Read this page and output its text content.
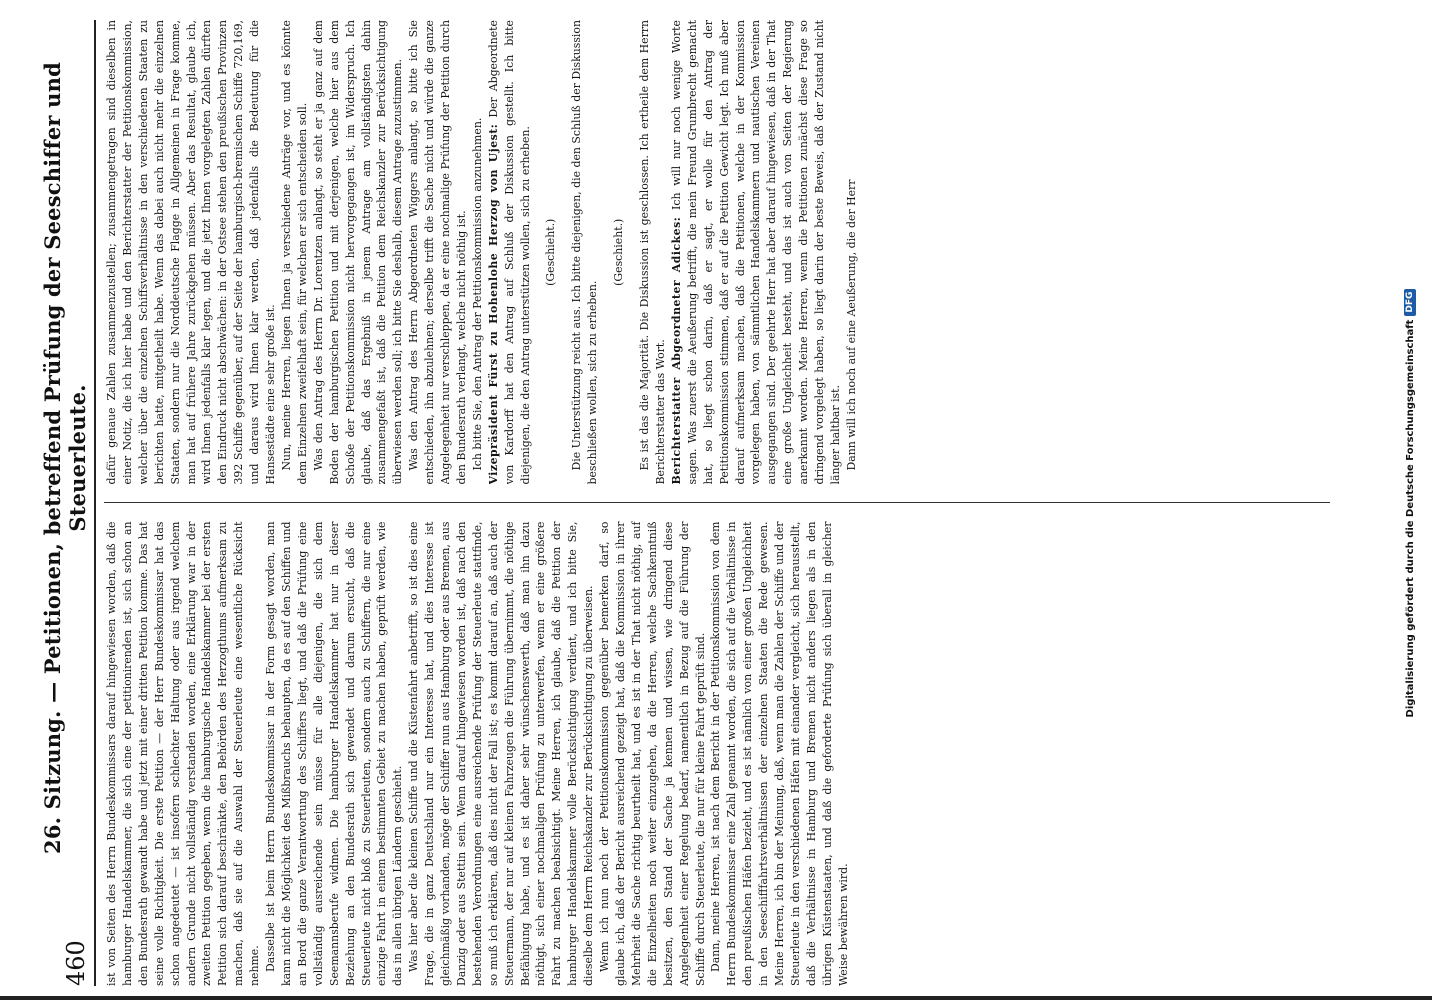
460
26. Sitzung. — Petitionen, betreffend Prüfung der Seeschiffer und Steuerleute.

ist von Seiten des Herrn Bundeskommissars darauf hingewiesen worden, daß die hamburger Handelskammer, die sich eine der petitionirenden ist, sich schon an den Bundesrath gewandt habe und jetzt mit einer dritten Petition komme. Das hat seine volle Richtigkeit. Die erste Petition — der Herr Bundeskommissar hat das schon angedeutet — ist insofern schlechter Haltung oder aus irgend welchem andern Grunde nicht vollständig verstanden worden, eine Erklärung war in der zweiten Petition gegeben, wenn die hamburgische Handelskammer bei der ersten Petition sich darauf beschränkte, den Behörden des Herzogthums aufmerksam zu machen, daß sie auf die Auswahl der Steuerleute eine wesentliche Rücksicht nehme. Dasselbe ist beim Herrn Bundeskommissar in der Form gesagt worden, man kann nicht die Möglichkeit des Mißbrauchs behaupten, da es auf den Schiffen und an Bord die ganze Verantwortung des Schiffers liegt, und daß die Prüfung eine vollständig ausreichende sein müsse für alle diejenigen, die sich dem Seemannsberufe widmen. Die hamburger Handelskammer hat nur in dieser Beziehung an den Bundesrath sich gewendet und darum ersucht, daß die Steuerleute nicht bloß zu Steuerleuten, sondern auch zu Schiffern, die nur eine einzige Fahrt in einem bestimmten Gebiet zu machen haben, geprüft werden, wie das in allen übrigen Ländern geschieht. Was hier aber die kleinen Schiffe und die Küstenfahrt anbetrifft, so ist dies eine Frage, die in ganz Deutschland nur ein Interesse hat, und dies Interesse ist gleichmäßig vorhanden, möge der Schiffer nun aus Hamburg oder aus Bremen, aus Danzig oder aus Stettin sein. Wenn darauf hingewiesen worden ist, daß nach den bestehenden Verordnungen eine ausreichende Prüfung der Steuerleute stattfinde, so muß ich erklären, daß dies nicht der Fall ist; es kommt darauf an, daß auch der Steuermann, der nur auf kleinen Fahrzeugen die Führung übernimmt, die nöthige Befähigung habe, und es ist daher sehr wünschenswerth, daß man ihn dazu nöthigt, sich einer nochmaligen Prüfung zu unterwerfen, wenn er eine größere Fahrt zu machen beabsichtigt. Meine Herren, ich glaube, daß die Petition der hamburger Handelskammer volle Berücksichtigung verdient, und ich bitte Sie, dieselbe dem Herrn Reichskanzler zur Berücksichtigung zu überweisen. Wenn ich nun noch der Petitionskommission gegenüber bemerken darf, so glaube ich, daß der Bericht ausreichend gezeigt hat, daß die Kommission in ihrer Mehrheit die Sache richtig beurtheilt hat, und es ist in der That nicht nöthig, auf die Einzelheiten noch weiter einzugehen, da die Herren, welche Sachkenntniß besitzen, den Stand der Sache ja kennen und wissen, wie dringend diese Angelegenheit einer Regelung bedarf, namentlich in Bezug auf die Führung der Schiffe durch Steuerleute, die nur für kleine Fahrt geprüft sind. Dann, meine Herren, ist nach dem Bericht in der Petitionskommission von dem Herrn Bundeskommissar eine Zahl genannt worden, die sich auf die Verhältnisse in den preußischen Häfen bezieht, und es ist nämlich von einer großen Ungleichheit in den Seeschifffahrtsverhältnissen der einzelnen Staaten die Rede gewesen. Meine Herren, ich bin der Meinung, daß, wenn man die Zahlen der Schiffe und der Steuerleute in den verschiedenen Häfen mit einander vergleicht, sich herausstellt, daß die Verhältnisse in Hamburg und Bremen nicht anders liegen als in den übrigen Küstenstaaten, und daß die geforderte Prüfung sich überall in gleicher Weise bewähren wird.

dafür genaue Zahlen zusammenzustellen; zusammengetragen sind dieselben in einer Notiz, die ich hier habe und den Berichterstatter der Petitionskommission, welcher über die einzelnen Schiffsverhältnisse in den verschiedenen Staaten zu berichten hatte, mitgetheilt habe. Wenn das dabei auch nicht mehr die einzelnen Staaten, sondern nur die Norddeutsche Flagge in Allgemeinen in Frage komme, man hat auf frühere Jahre zurückgehen müssen. Aber das Resultat, glaube ich, wird Ihnen jedenfalls klar legen, und die jetzt Ihnen vorgelegten Zahlen dürften den Eindruck nicht abschwächen: in der Ostsee stehen den preußischen Provinzen 392 Schiffe gegenüber, auf der Seite der hamburgisch-bremischen Schiffe 720,169, und daraus wird Ihnen klar werden, daß jedenfalls die Bedeutung für die Hansestädte eine sehr große ist. Nun, meine Herren, liegen Ihnen ja verschiedene Anträge vor, und es könnte dem Einzelnen zweifelhaft sein, für welchen er sich entscheiden soll. Was den Antrag des Herrn Dr. Lorentzen anlangt, so steht er ja ganz auf dem Boden der hamburgischen Petition und mit derjenigen, welche hier aus dem Schoße der Petitionskommission nicht hervorgegangen ist, im Widerspruch. Ich glaube, daß das Ergebniß in jenem Antrage am vollständigsten dahin zusammengefaßt ist, daß die Petition dem Reichskanzler zur Berücksichtigung überwiesen werden soll; ich bitte Sie deshalb, diesem Antrage zuzustimmen. Was den Antrag des Herrn Abgeordneten Wiggers anlangt, so bitte ich Sie entschieden, ihn abzulehnen; derselbe trifft die Sache nicht und würde die ganze Angelegenheit nur verschleppen, da er eine nochmalige Prüfung der Petition durch den Bundesrath verlangt, welche nicht nöthig ist. Ich bitte Sie, den Antrag der Petitionskommission anzunehmen. Vizepräsident Fürst zu Hohenlohe Herzog von Ujest: Der Abgeordnete von Kardorff hat den Antrag auf Schluß der Diskussion gestellt. Ich bitte diejenigen, die den Antrag unterstützen wollen, sich zu erheben. (Geschieht.) Die Unterstützung reicht aus. Ich bitte diejenigen, die den Schluß der Diskussion beschließen wollen, sich zu erheben.

(Geschieht.) Es ist das die Majorität. Die Diskussion ist geschlossen. Ich ertheile dem Herrn Berichterstatter das Wort. Berichterstatter Abgeordneter Adickes: Ich will nur noch wenige Worte sagen. Was zuerst die Aeußerung betrifft, die mein Freund Grumbrecht gemacht hat, so liegt schon darin, daß er sagt, er wolle für den Antrag der Petitionskommission stimmen, daß er auf die Petition Gewicht legt. Ich muß aber darauf aufmerksam machen, daß die Petitionen, welche in der Kommission vorgelegen haben, von sämmtlichen Handelskammern und nautischen Vereinen ausgegangen sind. Der geehrte Herr hat aber darauf hingewiesen, daß in der That eine große Ungleichheit besteht, und das ist auch von Seiten der Regierung anerkannt worden. Meine Herren, wenn die Petitionen zunächst diese Frage so dringend vorgelegt haben, so liegt darin der beste Beweis, daß der Zustand nicht länger haltbar ist. Dann will ich noch auf eine Aeußerung, die der Herr	Digitalisierung gefördert durch die Deutsche Forschungsgemeinschaft
DFG
